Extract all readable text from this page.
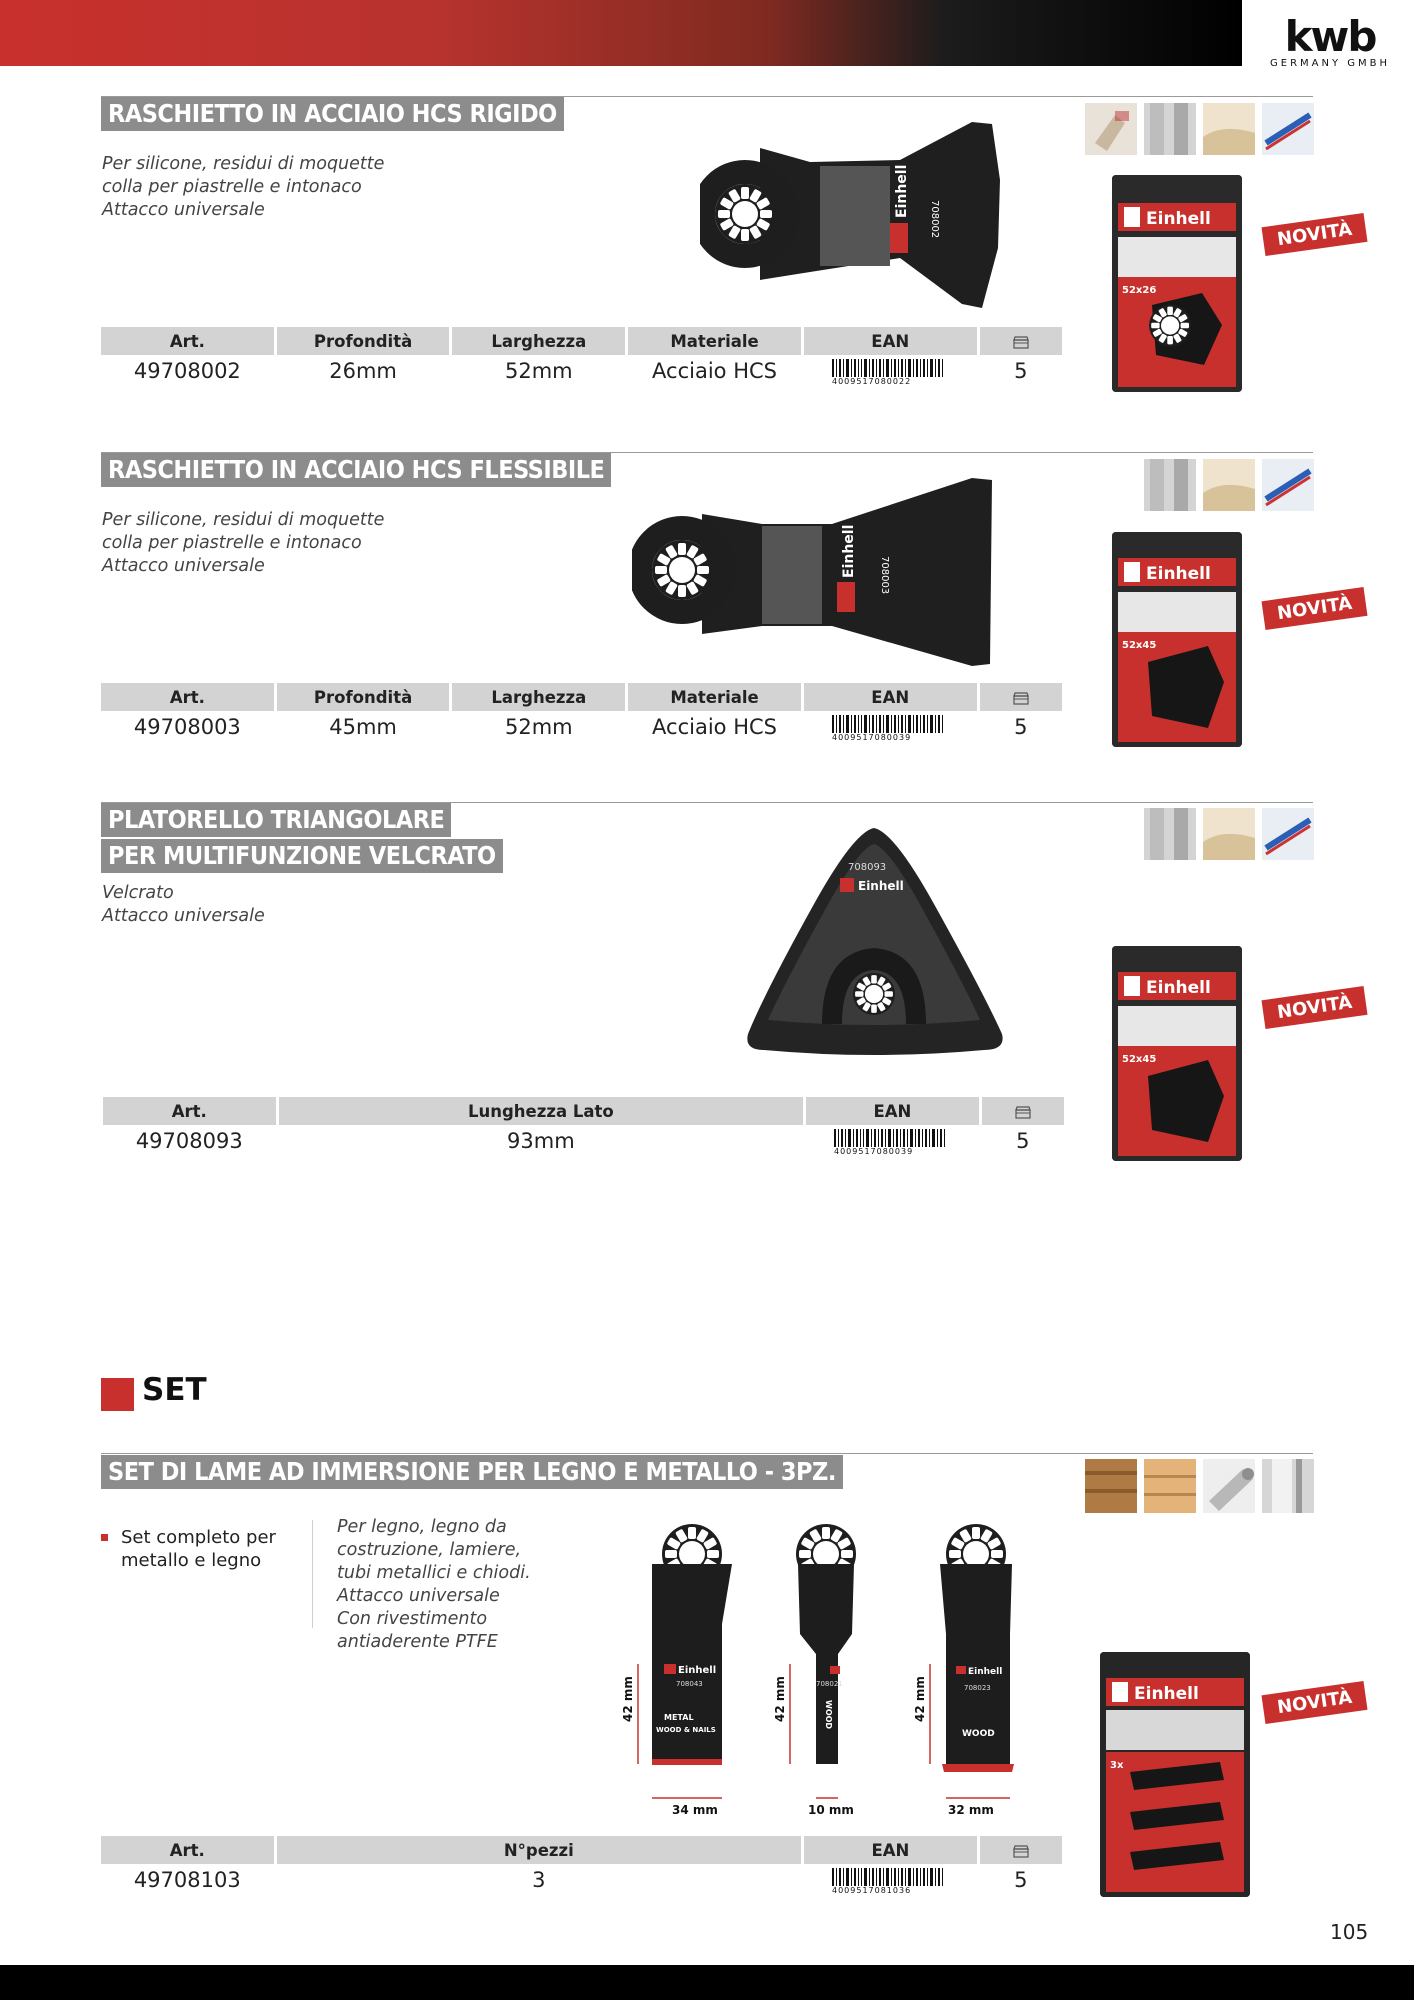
kwb
GERMANY GMBH
RASCHIETTO IN ACCIAIO HCS RIGIDO
Per silicone, residui di moquette
colla per piastrelle e intonaco
Attacco universale	Einhell
708002	Einhell
52x26
NOVITÀ
Art.	Profondità	Larghezza	Materiale	EAN	
49708002	26mm	52mm	Acciaio HCS	4009517080022	5
RASCHIETTO IN ACCIAIO HCS FLESSIBILE
Per silicone, residui di moquette
colla per piastrelle e intonaco
Attacco universale	Einhell 708003	Einhell
52x45
NOVITÀ
Art.	Profondità	Larghezza	Materiale	EAN	
49708003	45mm	52mm	Acciaio HCS	4009517080039	5
PLATORELLO TRIANGOLARE
PER MULTIFUNZIONE VELCRATO
Velcrato
Attacco universale
708093
Einhell
Einhell
52x45
NOVITÀ
Art.	Lunghezza Lato	EAN	
49708093	93mm	4009517080039	5
SET
SET DI LAME AD IMMERSIONE PER LEGNO E METALLO - 3PZ.
Set completo per
metallo e legno
Per legno, legno da
costruzione, lamiere,
tubi metallici e chiodi.
Attacco universale
Con rivestimento
antiaderente PTFE
Einhell
708043
METAL
WOOD & NAILS
42 mm
34 mm
WOOD
708021
42 mm
10 mm
Einhell
708023
WOOD
42 mm
32 mm
Einhell
3x
NOVITÀ
Art.	N°pezzi	EAN	
49708103	3	4009517081036	5
105
